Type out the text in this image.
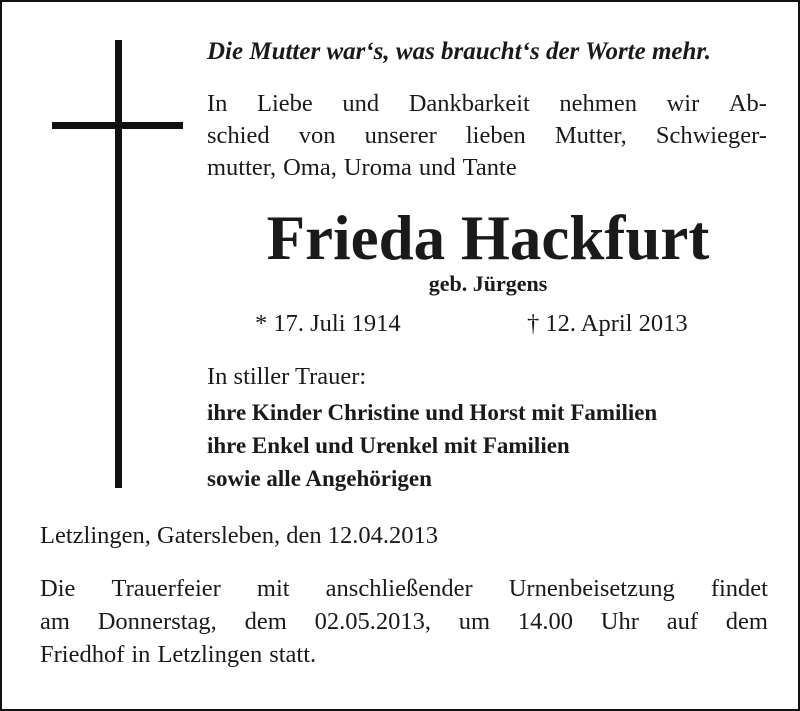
Die Mutter war‘s, was braucht‘s der Worte mehr.
In Liebe und Dankbarkeit nehmen wir Ab-
schied von unserer lieben Mutter, Schwieger-
mutter, Oma, Uroma und Tante
Frieda Hackfurt
geb. Jürgens
* 17. Juli 1914	† 12. April 2013
In stiller Trauer:
ihre Kinder Christine und Horst mit Familien
ihre Enkel und Urenkel mit Familien
sowie alle Angehörigen
Letzlingen, Gatersleben, den 12.04.2013
Die Trauerfeier mit anschließender Urnenbeisetzung findet
am Donnerstag, dem 02.05.2013, um 14.00 Uhr auf dem
Friedhof in Letzlingen statt.
